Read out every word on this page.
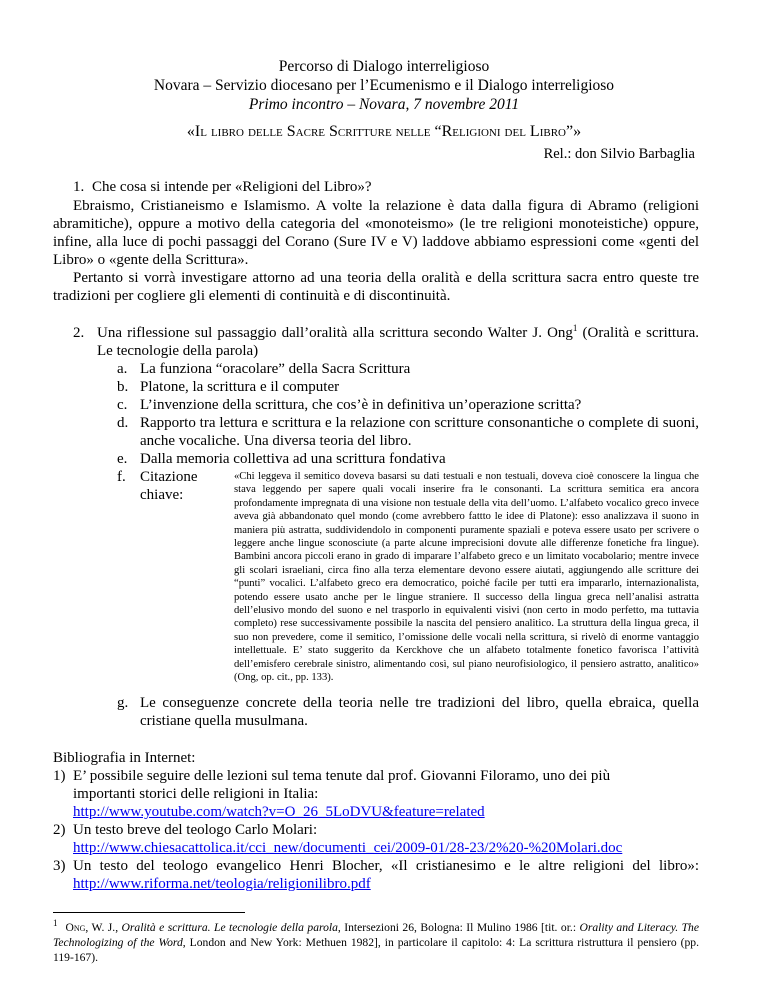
Percorso di Dialogo interreligioso
Novara – Servizio diocesano per l’Ecumenismo e il Dialogo interreligioso
Primo incontro – Novara, 7 novembre 2011
«Il libro delle Sacre Scritture nelle “Religioni del Libro”»
Rel.: don Silvio Barbaglia
1. Che cosa si intende per «Religioni del Libro»?
Ebraismo, Cristianeismo e Islamismo. A volte la relazione è data dalla figura di Abramo (religioni abramitiche), oppure a motivo della categoria del «monoteismo» (le tre religioni monoteistiche) oppure, infine, alla luce di pochi passaggi del Corano (Sure IV e V) laddove abbiamo espressioni come «genti del Libro» o «gente della Scrittura».
Pertanto si vorrà investigare attorno ad una teoria della oralità e della scrittura sacra entro queste tre tradizioni per cogliere gli elementi di continuità e di discontinuità.
2. Una riflessione sul passaggio dall’oralità alla scrittura secondo Walter J. Ong$^1$ (Oralità e scrittura. Le tecnologie della parola)
a. La funziona “oracolare” della Sacra Scrittura
b. Platone, la scrittura e il computer
c. L’invenzione della scrittura, che cos’è in definitiva un’operazione scritta?
d. Rapporto tra lettura e scrittura e la relazione con scritture consonantiche o complete di suoni, anche vocaliche. Una diversa teoria del libro.
e. Dalla memoria collettiva ad una scrittura fondativa
f. Citazione chiave:
«Chi leggeva il semitico doveva basarsi su dati testuali e non testuali, doveva cioè conoscere la lingua che stava leggendo per sapere quali vocali inserire fra le consonanti. La scrittura semitica era ancora profondamente impregnata di una visione non testuale della vita dell’uomo. L’alfabeto vocalico greco invece aveva già abbandonato quel mondo (come avrebbero fattto le idee di Platone): esso analizzava il suono in maniera più astratta, suddividendolo in componenti puramente spaziali e poteva essere usato per scrivere o leggere anche lingue sconosciute (a parte alcune imprecisioni dovute alle differenze fonetiche fra lingue). Bambini ancora piccoli erano in grado di imparare l’alfabeto greco e un limitato vocabolario; mentre invece gli scolari israeliani, circa fino alla terza elementare devono essere aiutati, aggiungendo alle scritture dei “punti” vocalici. L’alfabeto greco era democratico, poiché facile per tutti era impararlo, internazionalista, potendo essere usato anche per le lingue straniere. Il successo della lingua greca nell’analisi astratta dell’elusivo mondo del suono e nel trasporlo in equivalenti visivi (non certo in modo perfetto, ma tuttavia completo) rese successivamente possibile la nascita del pensiero analitico. La struttura della lingua greca, il suo non prevedere, come il semitico, l’omissione delle vocali nella scrittura, si rivelò di enorme vantaggio intellettuale. E’ stato suggerito da Kerckhove che un alfabeto totalmente fonetico favorisca l’attività dell’emisfero cerebrale sinistro, alimentando così, sul piano neurofisiologico, il pensiero astratto, analitico» (Ong, op. cit., pp. 133).
g. Le conseguenze concrete della teoria nelle tre tradizioni del libro, quella ebraica, quella cristiane quella musulmana.
Bibliografia in Internet:
1) E’ possibile seguire delle lezioni sul tema tenute dal prof. Giovanni Filoramo, uno dei più importanti storici delle religioni in Italia:
http://www.youtube.com/watch?v=O_26_5LoDVU&feature=related
2) Un testo breve del teologo Carlo Molari:
http://www.chiesacattolica.it/cci_new/documenti_cei/2009-01/28-23/2%20-%20Molari.doc
3) Un testo del teologo evangelico Henri Blocher, «Il cristianesimo e le altre religioni del libro»: http://www.riforma.net/teologia/religionilibro.pdf
$^1$ Ong, W. J., Oralità e scrittura. Le tecnologie della parola, Intersezioni 26, Bologna: Il Mulino 1986 [tit. or.: Orality and Literacy. The Technologizing of the Word, London and New York: Methuen 1982], in particolare il capitolo: 4: La scrittura ristruttura il pensiero (pp. 119-167).
